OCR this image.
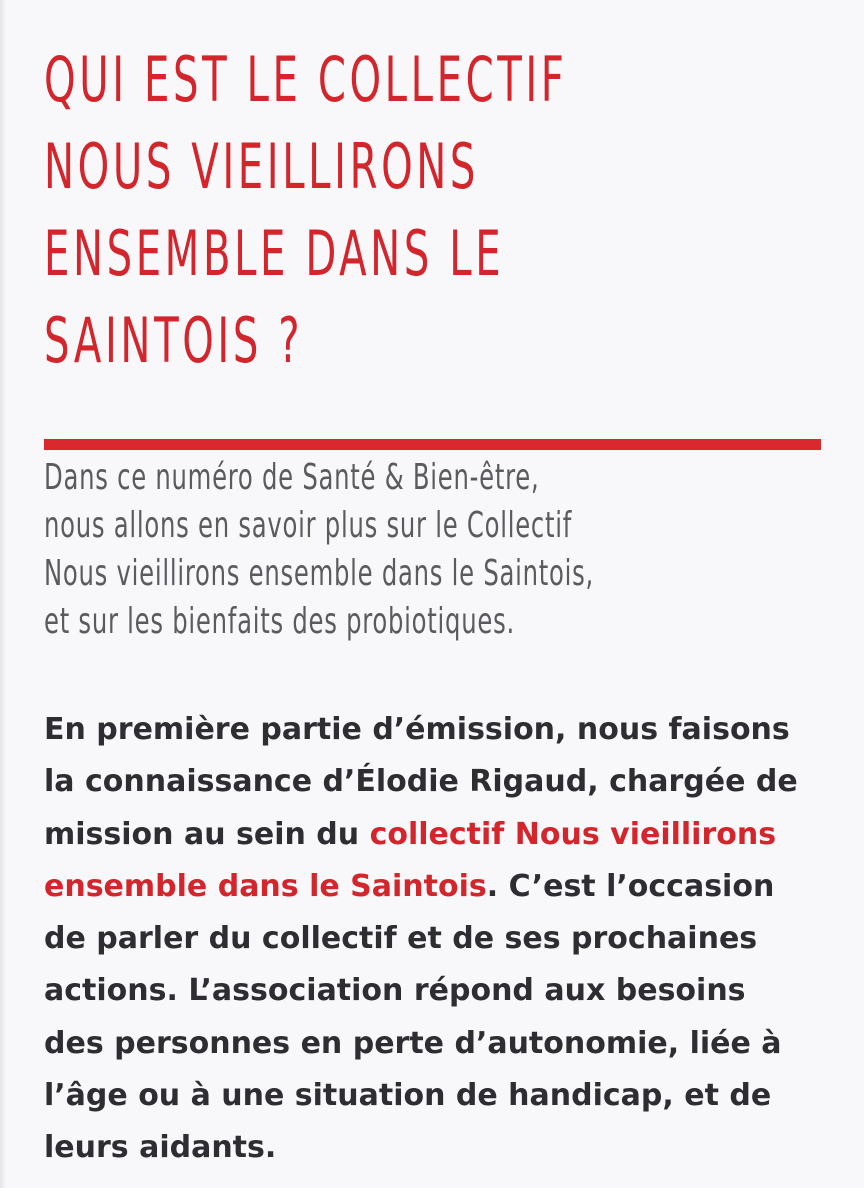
QUI EST LE COLLECTIF
NOUS VIEILLIRONS
ENSEMBLE DANS LE
SAINTOIS ?

Dans ce numéro de Santé & Bien-être,
nous allons en savoir plus sur le Collectif
Nous vieillirons ensemble dans le Saintois,
et sur les bienfaits des probiotiques.

En première partie d’émission, nous faisons
la connaissance d’Élodie Rigaud, chargée de
mission au sein du collectif Nous vieillirons
ensemble dans le Saintois. C’est l’occasion
de parler du collectif et de ses prochaines
actions. L’association répond aux besoins
des personnes en perte d’autonomie, liée à
l’âge ou à une situation de handicap, et de
leurs aidants.
